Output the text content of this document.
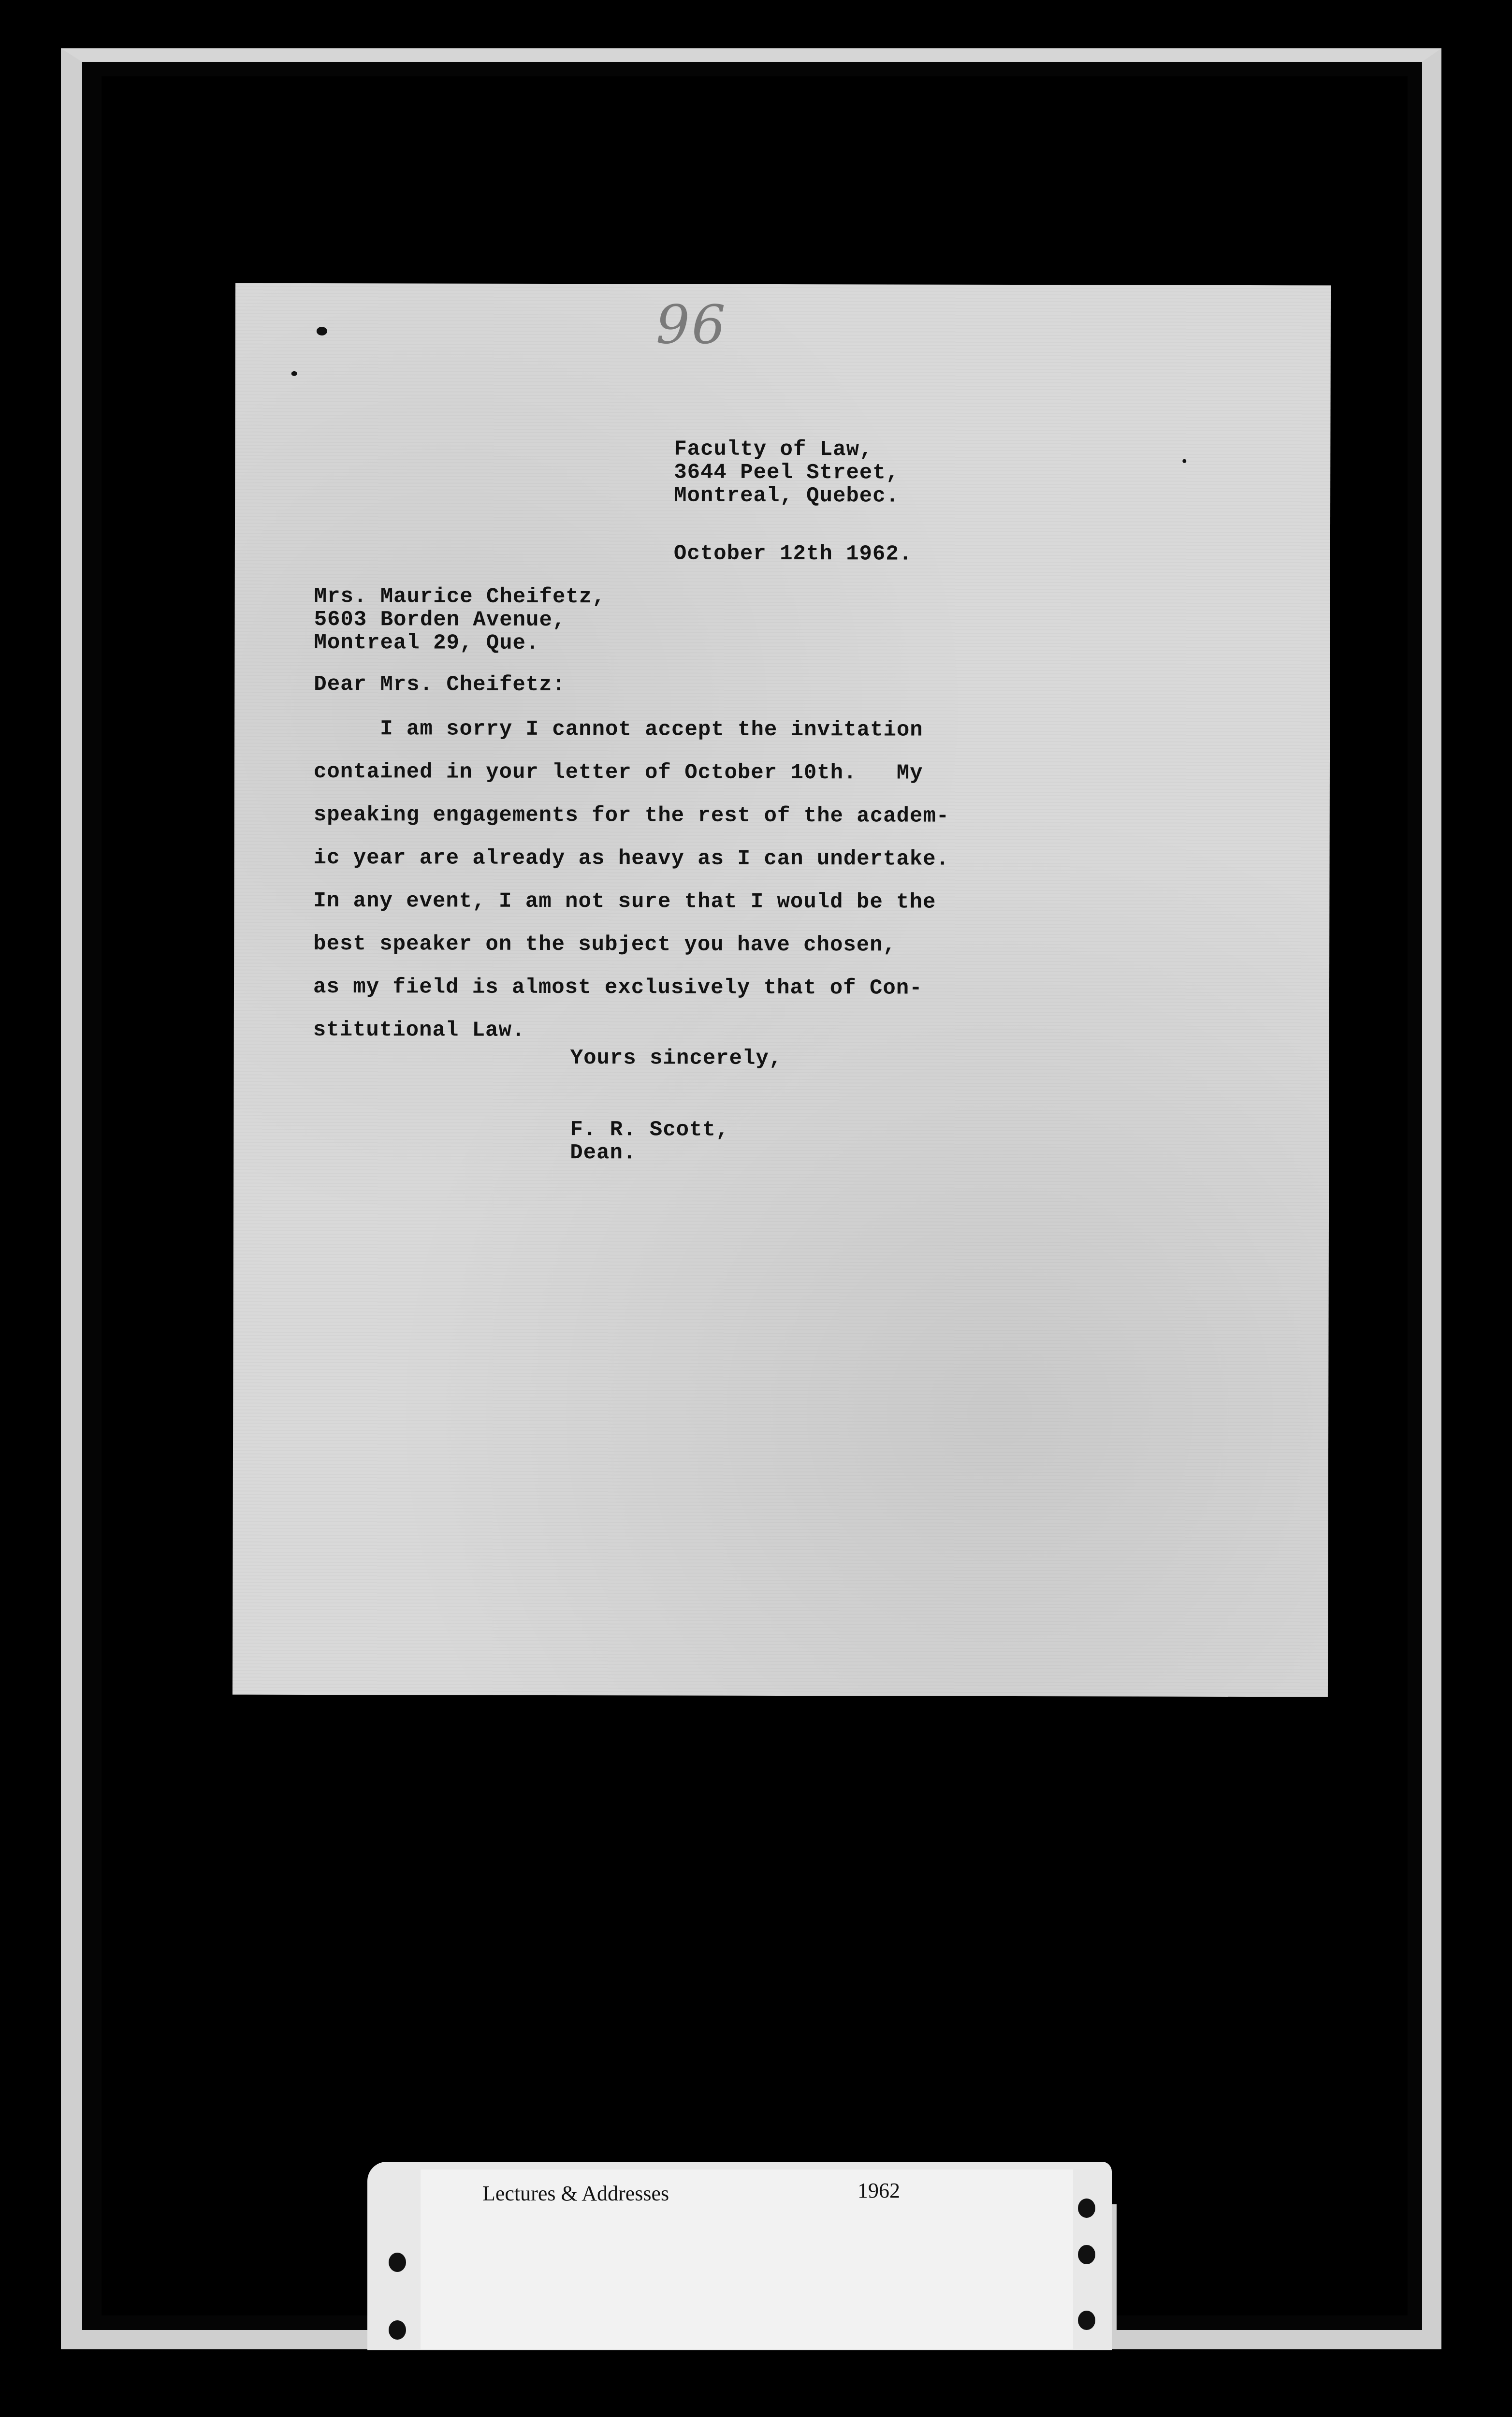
96
Faculty of Law,
3644 Peel Street,
Montreal, Quebec.
October 12th 1962.
Mrs. Maurice Cheifetz,
5603 Borden Avenue,
Montreal 29, Que.
Dear Mrs. Cheifetz:
I am sorry I cannot accept the invitation
contained in your letter of October 10th.   My
speaking engagements for the rest of the academ-
ic year are already as heavy as I can undertake.
In any event, I am not sure that I would be the
best speaker on the subject you have chosen,
as my field is almost exclusively that of Con-
stitutional Law.
Yours sincerely,
F. R. Scott,
Dean.
Lectures & Addresses	1962
